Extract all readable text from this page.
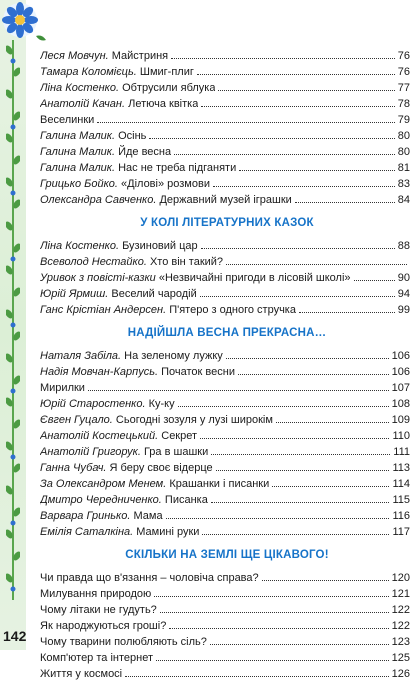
142
Леся Мовчун. Майстриня	76
Тамара Коломієць. Шмиг-плиг	76
Ліна Костенко. Обтрусили яблука	77
Анатолій Качан. Летюча квітка	78
Веселинки	79
Галина Малик. Осінь	80
Галина Малик. Йде весна	80
Галина Малик. Нас не треба підганяти	81
Грицько Бойко. «Ділові» розмови	83
Олександра Савченко. Державний музей іграшки	84
У КОЛІ ЛІТЕРАТУРНИХ КАЗОК
Ліна Костенко. Бузиновий цар	88
Всеволод Нестайко. Хто він такий?
Уривок з повісті-казки «Незвичайні пригоди в лісовій школі»	90
Юрій Ярмиш. Веселий чародій	94
Ганс Крістіан Андерсен. П'ятеро з одного стручка	99
НАДІЙШЛА ВЕСНА ПРЕКРАСНА…
Наталя Забіла. На зеленому лужку	106
Надія Мовчан-Карпусь. Початок весни	106
Мирилки	107
Юрій Старостенко. Ку-ку	108
Євген Гуцало. Сьогодні зозуля у лузі широкім	109
Анатолій Костецький. Секрет	110
Анатолій Григорук. Гра в шашки	111
Ганна Чубач. Я беру своє відерце	113
За Олександром Менем. Крашанки і писанки	114
Дмитро Чередниченко. Писанка	115
Варвара Гринько. Мама	116
Емілія Саталкіна. Мамині руки	117
СКІЛЬКИ НА ЗЕМЛІ ЩЕ ЦІКАВОГО!
Чи правда що в'язання – чоловіча справа?	120
Милування природою	121
Чому літаки не гудуть?	122
Як народжуються гроші?	122
Чому тварини полюбляють сіль?	123
Комп'ютер та інтернет	125
Життя у космосі	126
